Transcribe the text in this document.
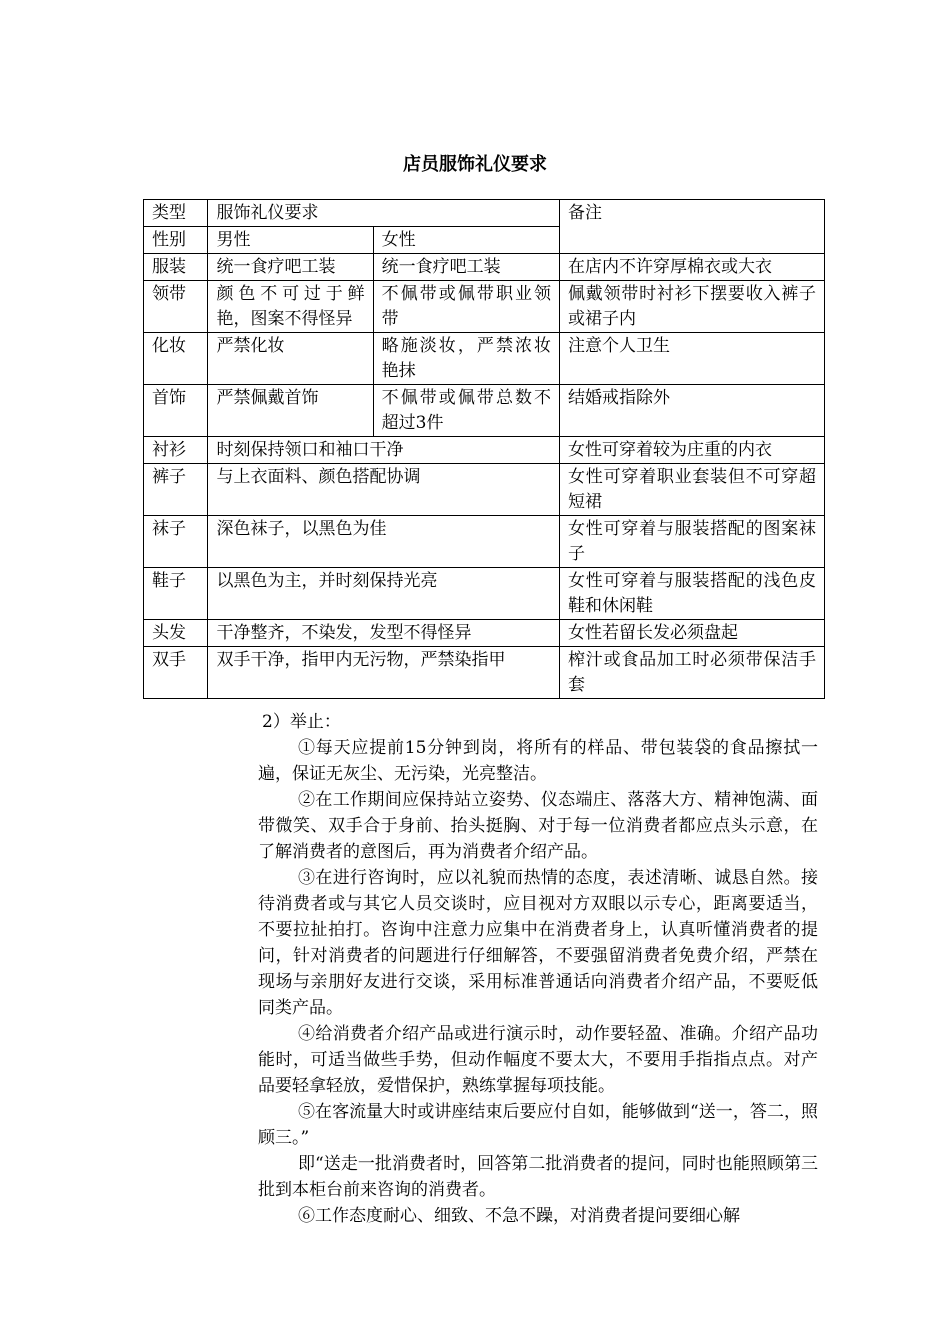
店员服饰礼仪要求
类型	服饰礼仪要求		备注
性别	男性	女性	
服装	统一食疗吧工装	统一食疗吧工装	在店内不许穿厚棉衣或大衣
领带	颜色不可过于鲜艳，图案不得怪异	不佩带或佩带职业领带	佩戴领带时衬衫下摆要收入裤子或裙子内
化妆	严禁化妆	略施淡妆，严禁浓妆艳抹	注意个人卫生
首饰	严禁佩戴首饰	不佩带或佩带总数不超过3件	结婚戒指除外
衬衫	时刻保持领口和袖口干净		女性可穿着较为庄重的内衣
裤子	与上衣面料、颜色搭配协调		女性可穿着职业套装但不可穿超短裙
袜子	深色袜子，以黑色为佳		女性可穿着与服装搭配的图案袜子
鞋子	以黑色为主，并时刻保持光亮		女性可穿着与服装搭配的浅色皮鞋和休闲鞋
头发	干净整齐，不染发，发型不得怪异		女性若留长发必须盘起
双手	双手干净，指甲内无污物，严禁染指甲		榨汁或食品加工时必须带保洁手套

2）举止：

①每天应提前15分钟到岗，将所有的样品、带包装袋的食品擦拭一遍，保证无灰尘、无污染，光亮整洁。

②在工作期间应保持站立姿势、仪态端庄、落落大方、精神饱满、面带微笑、双手合于身前、抬头挺胸、对于每一位消费者都应点头示意，在了解消费者的意图后，再为消费者介绍产品。

③在进行咨询时，应以礼貌而热情的态度，表述清晰、诚恳自然。接待消费者或与其它人员交谈时，应目视对方双眼以示专心，距离要适当，不要拉扯拍打。咨询中注意力应集中在消费者身上，认真听懂消费者的提问，针对消费者的问题进行仔细解答，不要强留消费者免费介绍，严禁在现场与亲朋好友进行交谈，采用标准普通话向消费者介绍产品，不要贬低同类产品。

④给消费者介绍产品或进行演示时，动作要轻盈、准确。介绍产品功能时，可适当做些手势，但动作幅度不要太大，不要用手指指点点。对产品要轻拿轻放，爱惜保护，熟练掌握每项技能。

⑤在客流量大时或讲座结束后要应付自如，能够做到“送一，答二，照顾三。”

即“送走一批消费者时，回答第二批消费者的提问，同时也能照顾第三批到本柜台前来咨询的消费者。

⑥工作态度耐心、细致、不急不躁，对消费者提问要细心解
